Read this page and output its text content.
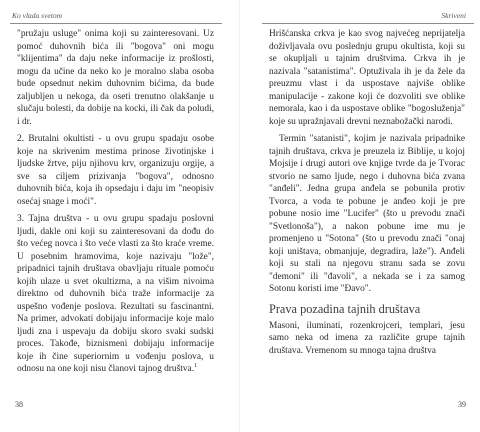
Ko vlada svetom

"pružaju usluge" onima koji su zainteresovani. Uz pomoć duhovnih bića ili "bogova" oni mogu "klijentima" da daju neke informacije iz prošlosti, mogu da učine da neko ko je moralno slaba osoba bude opsednut nekim duhovnim bićima, da bude zaljubljen u nekoga, da oseti trenutno olakšanje u slučaju bolesti, da dobije na kocki, ili čak da poludi, i dr.

2. Brutalni okultisti - u ovu grupu spadaju osobe koje na skrivenim mestima prinose životinjske i ljudske žrtve, piju njihovu krv, organizuju orgije, a sve sa ciljem prizivanja "bogova", odnosno duhovnih bića, koja ih opsedaju i daju im "neopisiv osećaj snage i moći".

3. Tajna društva - u ovu grupu spadaju poslovni ljudi, dakle oni koji su zainteresovani da dođu do što većeg novca i što veće vlasti za što kraće vreme. U posebnim hramovima, koje nazivaju "lože", pripadnici tajnih društava obavljaju rituale pomoću kojih ulaze u svet okultizma, a na višim nivoima direktno od duhovnih bića traže informacije za uspešno vođenje poslova. Rezultati su fascinantni. Na primer, advokati dobijaju informacije koje malo ljudi zna i uspevaju da dobiju skoro svaki sudski proces. Takođe, biznismeni dobijaju informacije koje ih čine superiornim u vođenju poslova, u odnosu na one koji nisu članovi tajnog društva.$^1$

38
Skriveni

Hrišćanska crkva je kao svog najvećeg neprijatelja doživljavala ovu poslednju grupu okultista, koji su se okupljali u tajnim društvima. Crkva ih je nazivala "satanistima". Optuživala ih je da žele da preuzmu vlast i da uspostave najviše oblike manipulacije - zakone koji će dozvoliti sve oblike nemorala, kao i da uspostave oblike "bogosluženja" koje su upražnjavali drevni neznabožački narodi.

Termin "satanisti", kojim je nazivala pripadnike tajnih društava, crkva je preuzela iz Biblije, u kojoj Mojsije i drugi autori ove knjige tvrde da je Tvorac stvorio ne samo ljude, nego i duhovna bića zvana "anđeli". Jedna grupa anđela se pobunila protiv Tvorca, a voda te pobune je anđeo koji je pre pobune nosio ime "Lucifer" (što u prevodu znači "Svetlonoša"), a nakon pobune ime mu je promenjeno u "Sotona" (što u prevodu znači "onaj koji uništava, obmanjuje, degradira, laže"). Anđeli koji su stali na njegovu stranu sada se zovu "demoni" ili "đavoli", a nekada se i za samog Sotonu koristi ime "Đavo".

Prava pozadina tajnih društava

Masoni, iluminati, rozenkrojceri, templari, jesu samo neka od imena za različite grupe tajnih društava. Vremenom su mnoga tajna društva

39
